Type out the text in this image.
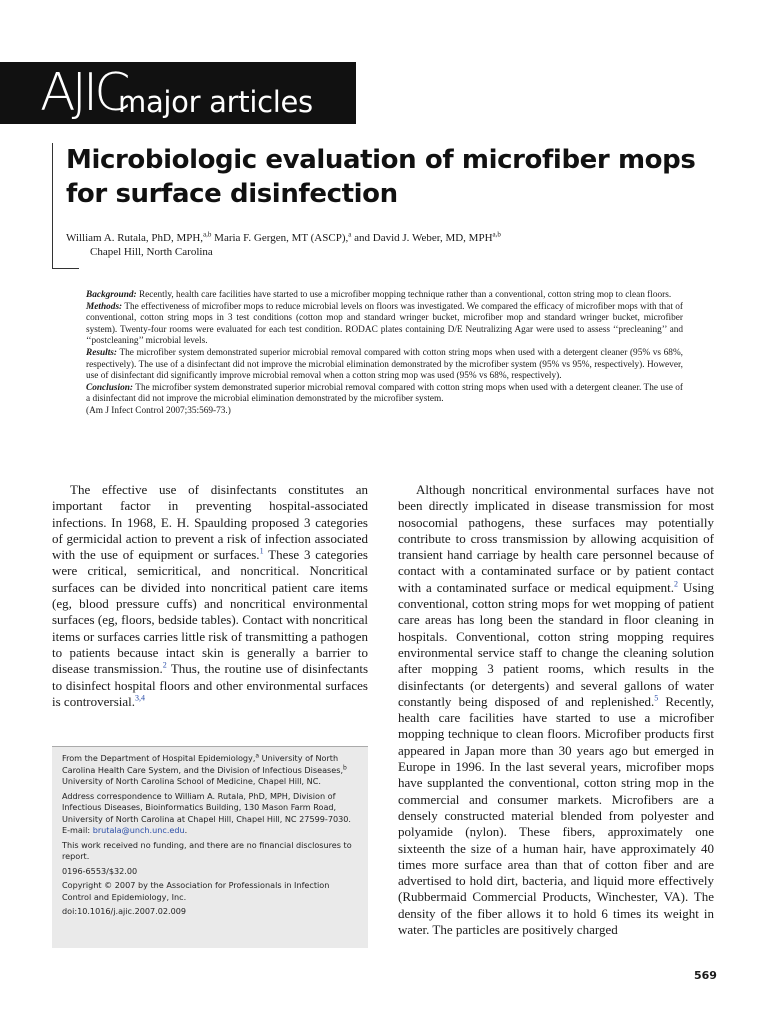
AJIC
major articles
Microbiologic evaluation of microfiber mops for surface disinfection
William A. Rutala, PhD, MPH,$^{a,b}$ Maria F. Gergen, MT (ASCP),$^a$ and David J. Weber, MD, MPH$^{a,b}$
Chapel Hill, North Carolina

Background: Recently, health care facilities have started to use a microfiber mopping technique rather than a conventional, cotton string mop to clean floors.

Methods: The effectiveness of microfiber mops to reduce microbial levels on floors was investigated. We compared the efficacy of microfiber mops with that of conventional, cotton string mops in 3 test conditions (cotton mop and standard wringer bucket, microfiber mop and standard wringer bucket, microfiber system). Twenty-four rooms were evaluated for each test condition. RODAC plates containing D/E Neutralizing Agar were used to assess ‘‘precleaning’’ and ‘‘postcleaning’’ microbial levels.

Results: The microfiber system demonstrated superior microbial removal compared with cotton string mops when used with a detergent cleaner (95% vs 68%, respectively). The use of a disinfectant did not improve the microbial elimination demonstrated by the microfiber system (95% vs 95%, respectively). However, use of disinfectant did significantly improve microbial removal when a cotton string mop was used (95% vs 68%, respectively).

Conclusion: The microfiber system demonstrated superior microbial removal compared with cotton string mops when used with a detergent cleaner. The use of a disinfectant did not improve the microbial elimination demonstrated by the microfiber system.

(Am J Infect Control 2007;35:569-73.)

The effective use of disinfectants constitutes an important factor in preventing hospital-associated infections. In 1968, E. H. Spaulding proposed 3 categories of germicidal action to prevent a risk of infection associated with the use of equipment or surfaces.$^1$ These 3 categories were critical, semicritical, and noncritical. Noncritical surfaces can be divided into noncritical patient care items (eg, blood pressure cuffs) and noncritical environmental surfaces (eg, floors, bedside tables). Contact with noncritical items or surfaces carries little risk of transmitting a pathogen to patients because intact skin is generally a barrier to disease transmission.$^2$ Thus, the routine use of disinfectants to disinfect hospital floors and other environmental surfaces is controversial.$^{3,4}$

Although noncritical environmental surfaces have not been directly implicated in disease transmission for most nosocomial pathogens, these surfaces may potentially contribute to cross transmission by allowing acquisition of transient hand carriage by health care personnel because of contact with a contaminated surface or by patient contact with a contaminated surface or medical equipment.$^2$ Using conventional, cotton string mops for wet mopping of patient care areas has long been the standard in floor cleaning in hospitals. Conventional, cotton string mopping requires environmental service staff to change the cleaning solution after mopping 3 patient rooms, which results in the disinfectants (or detergents) and several gallons of water constantly being disposed of and replenished.$^5$ Recently, health care facilities have started to use a microfiber mopping technique to clean floors. Microfiber products first appeared in Japan more than 30 years ago but emerged in Europe in 1996. In the last several years, microfiber mops have supplanted the conventional, cotton string mop in the commercial and consumer markets. Microfibers are a densely constructed material blended from polyester and polyamide (nylon). These fibers, approximately one sixteenth the size of a human hair, have approximately 40 times more surface area than that of cotton fiber and are advertised to hold dirt, bacteria, and liquid more effectively (Rubbermaid Commercial Products, Winchester, VA). The density of the fiber allows it to hold 6 times its weight in water. The particles are positively charged

From the Department of Hospital Epidemiology,$^a$ University of North Carolina Health Care System, and the Division of Infectious Diseases,$^b$ University of North Carolina School of Medicine, Chapel Hill, NC.

Address correspondence to William A. Rutala, PhD, MPH, Division of Infectious Diseases, Bioinformatics Building, 130 Mason Farm Road, University of North Carolina at Chapel Hill, Chapel Hill, NC 27599-7030. E-mail: brutala@unch.unc.edu.

This work received no funding, and there are no financial disclosures to report.

0196-6553/$32.00

Copyright © 2007 by the Association for Professionals in Infection Control and Epidemiology, Inc.

doi:10.1016/j.ajic.2007.02.009

569
